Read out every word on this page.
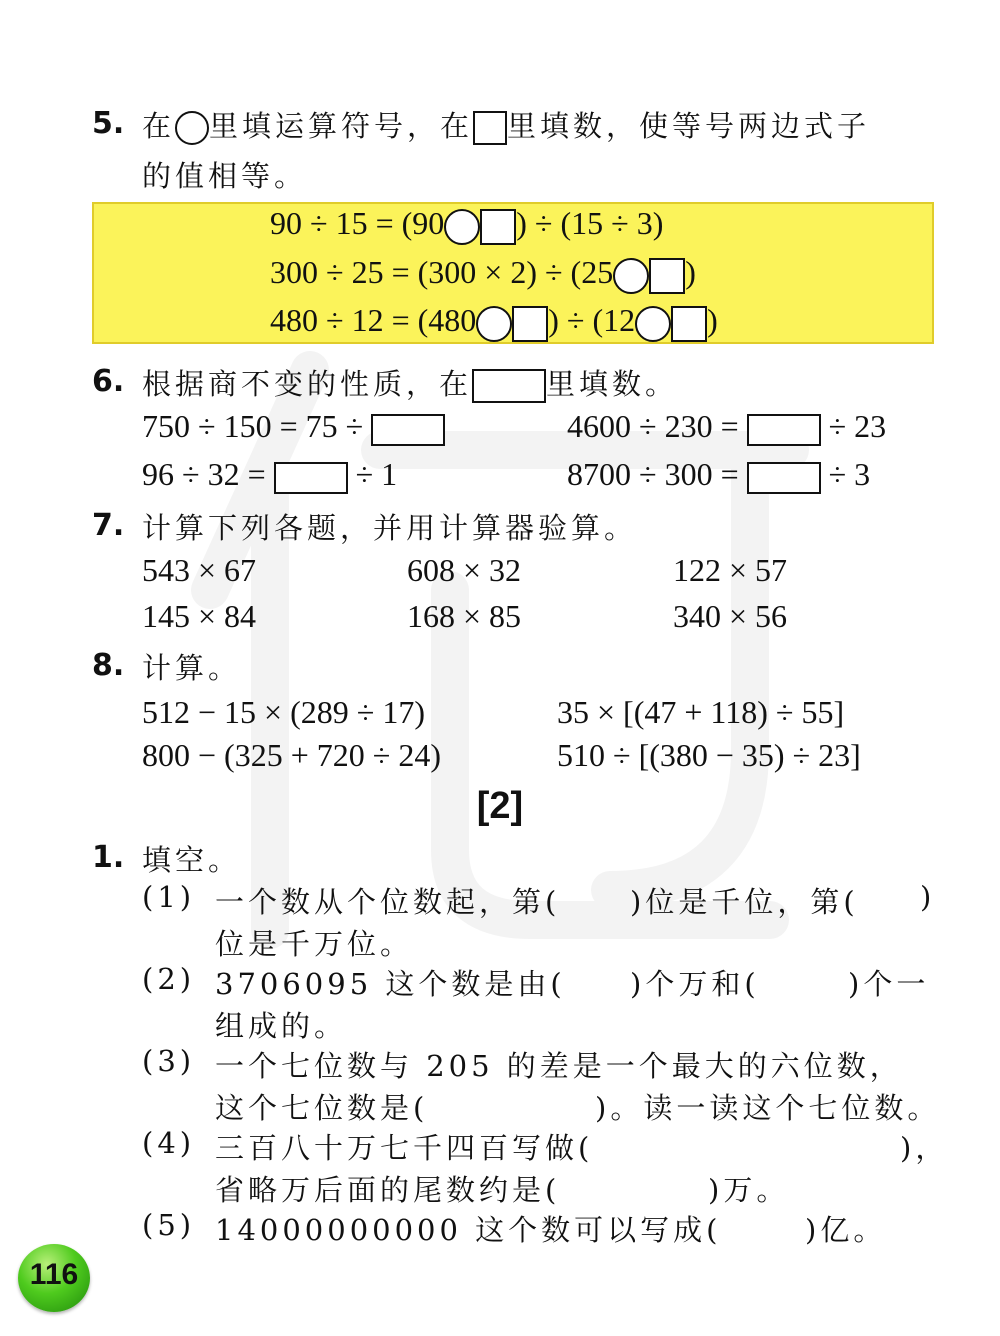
5. 在 里填运算符号，在 里填数，使等号两边式子
的值相等。
90 ÷ 15 = (90 ) ÷ (15 ÷ 3)
300 ÷ 25 = (300 × 2) ÷ (25 )
480 ÷ 12 = (480 ) ÷ (12 )
6. 根据商不变的性质，在	里填数。
750 ÷ 150 = 75 ÷	4600 ÷ 230 =	÷ 23
96 ÷ 32 =	÷ 1	8700 ÷ 300 =	÷ 3
7. 计算下列各题，并用计算器验算。
543 × 67	608 × 32	122 × 57
145 × 84	168 × 85	340 × 56
8. 计算。
512 − 15 × (289 ÷ 17)	35 × [(47 + 118) ÷ 55]
800 − (325 + 720 ÷ 24)	510 ÷ [(380 − 35) ÷ 23]
[2]
1. 填空。
(1) 一个数从个位数起，第( )位是千位，第( )
位是千万位。
(2) 3706095 这个数是由( )个万和(	)个一
组成的。
(3) 一个七位数与 205 的差是一个最大的六位数，
这个七位数是(	)。读一读这个七位数。
(4) 三百八十万七千四百写做(	)，
省略万后面的尾数约是(	)万。
(5) 14000000000 这个数可以写成(	)亿。
116
